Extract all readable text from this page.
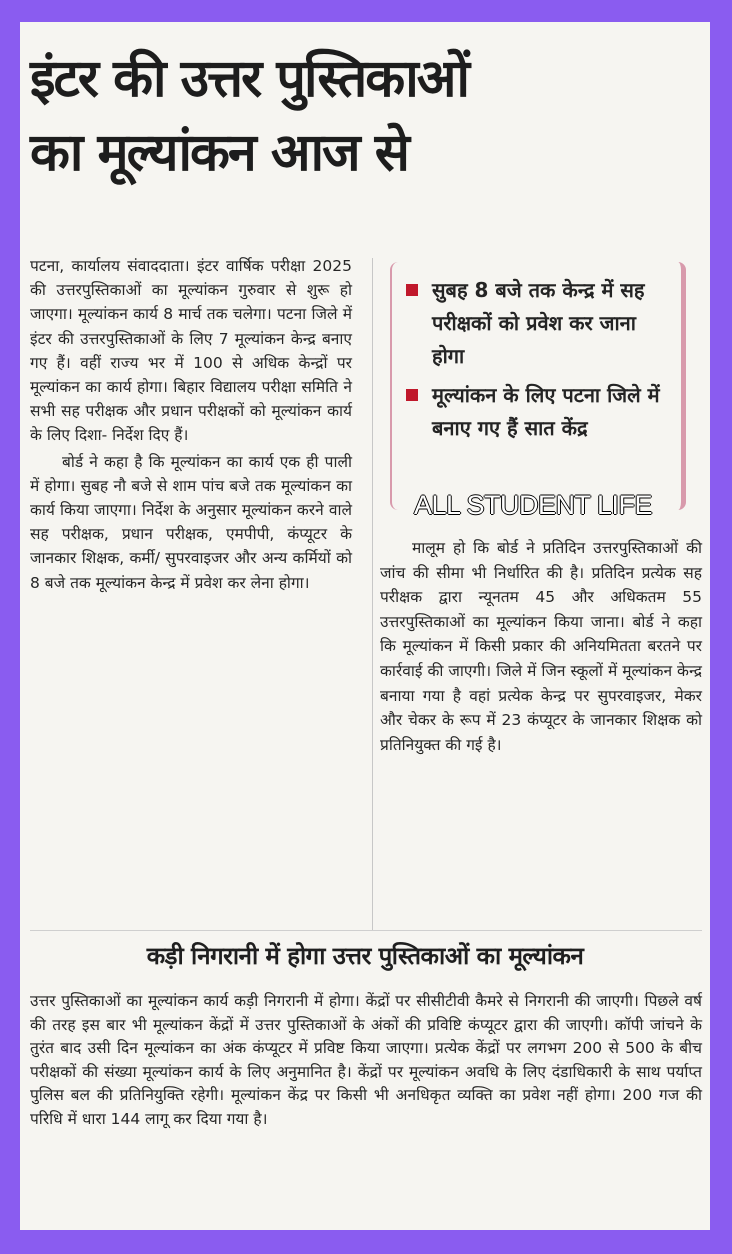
इंटर की उत्तर पुस्तिकाओं
का मूल्यांकन आज से

पटना, कार्यालय संवाददाता। इंटर वार्षिक परीक्षा 2025 की उत्तरपुस्तिकाओं का मूल्यांकन गुरुवार से शुरू हो जाएगा। मूल्यांकन कार्य 8 मार्च तक चलेगा। पटना जिले में इंटर की उत्तरपुस्तिकाओं के लिए 7 मूल्यांकन केन्द्र बनाए गए हैं। वहीं राज्य भर में 100 से अधिक केन्द्रों पर मूल्यांकन का कार्य होगा। बिहार विद्यालय परीक्षा समिति ने सभी सह परीक्षक और प्रधान परीक्षकों को मूल्यांकन कार्य के लिए दिशा- निर्देश दिए हैं।

बोर्ड ने कहा है कि मूल्यांकन का कार्य एक ही पाली में होगा। सुबह नौ बजे से शाम पांच बजे तक मूल्यांकन का कार्य किया जाएगा। निर्देश के अनुसार मूल्यांकन करने वाले सह परीक्षक, प्रधान परीक्षक, एमपीपी, कंप्यूटर के जानकार शिक्षक, कर्मी/ सुपरवाइजर और अन्य कर्मियों को 8 बजे तक मूल्यांकन केन्द्र में प्रवेश कर लेना होगा।

सुबह 8 बजे तक केन्द्र में सह परीक्षकों को प्रवेश कर जाना होगा
मूल्यांकन के लिए पटना जिले में बनाए गए हैं सात केंद्र
ALL STUDENT LIFE

मालूम हो कि बोर्ड ने प्रतिदिन उत्तरपुस्तिकाओं की जांच की सीमा भी निर्धारित की है। प्रतिदिन प्रत्येक सह परीक्षक द्वारा न्यूनतम 45 और अधिकतम 55 उत्तरपुस्तिकाओं का मूल्यांकन किया जाना। बोर्ड ने कहा कि मूल्यांकन में किसी प्रकार की अनियमितता बरतने पर कार्रवाई की जाएगी। जिले में जिन स्कूलों में मूल्यांकन केन्द्र बनाया गया है वहां प्रत्येक केन्द्र पर सुपरवाइजर, मेकर और चेकर के रूप में 23 कंप्यूटर के जानकार शिक्षक को प्रतिनियुक्त की गई है।

कड़ी निगरानी में होगा उत्तर पुस्तिकाओं का मूल्यांकन

उत्तर पुस्तिकाओं का मूल्यांकन कार्य कड़ी निगरानी में होगा। केंद्रों पर सीसीटीवी कैमरे से निगरानी की जाएगी। पिछले वर्ष की तरह इस बार भी मूल्यांकन केंद्रों में उत्तर पुस्तिकाओं के अंकों की प्रविष्टि कंप्यूटर द्वारा की जाएगी। कॉपी जांचने के तुरंत बाद उसी दिन मूल्यांकन का अंक कंप्यूटर में प्रविष्ट किया जाएगा। प्रत्येक केंद्रों पर लगभग 200 से 500 के बीच परीक्षकों की संख्या मूल्यांकन कार्य के लिए अनुमानित है। केंद्रों पर मूल्यांकन अवधि के लिए दंडाधिकारी के साथ पर्याप्त पुलिस बल की प्रतिनियुक्ति रहेगी। मूल्यांकन केंद्र पर किसी भी अनधिकृत व्यक्ति का प्रवेश नहीं होगा। 200 गज की परिधि में धारा 144 लागू कर दिया गया है।
